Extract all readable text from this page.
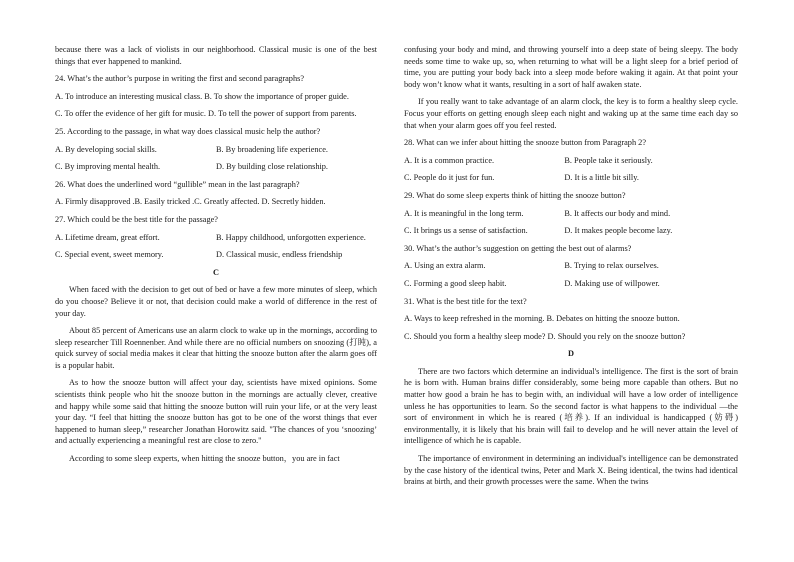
because there was a lack of violists in our neighborhood. Classical music is one of the best things that ever happened to mankind.

24. What’s the author’s purpose in writing the first and second paragraphs?

A. To introduce an interesting musical class. B. To show the importance of proper guide.

C. To offer the evidence of her gift for music. D. To tell the power of support from parents.

25. According to the passage, in what way does classical music help the author?

A. By developing social skills.	B. By broadening life experience.
C. By improving mental health.	D. By building close relationship.

26. What does the underlined word “gullible” mean in the last paragraph?

A. Firmly disapproved .B. Easily tricked .C. Greatly affected. D. Secretly hidden.

27. Which could be the best title for the passage?

A. Lifetime dream, great effort.	B. Happy childhood, unforgotten experience.
C. Special event, sweet memory.	D. Classical music, endless friendship
C

When faced with the decision to get out of bed or have a few more minutes of sleep, which do you choose? Believe it or not, that decision could make a world of difference in the rest of your day.

About 85 percent of Americans use an alarm clock to wake up in the mornings, according to sleep researcher Till Roennenber. And while there are no official numbers on snoozing (打盹), a quick survey of social media makes it clear that hitting the snooze button after the alarm goes off is a popular habit.

As to how the snooze button will affect your day, scientists have mixed opinions. Some scientists think people who hit the snooze button in the mornings are actually clever, creative and happy while some said that hitting the snooze button will ruin your life, or at the very least your day. “I feel that hitting the snooze button has got to be one of the worst things that ever happened to human sleep,” researcher Jonathan Horowitz said. "The chances of you ‘snoozing’ and actually experiencing a meaningful rest are close to zero."

According to some sleep experts, when hitting the snooze button，you are in fact

confusing your body and mind, and throwing yourself into a deep state of being sleepy. The body needs some time to wake up, so, when returning to what will be a light sleep for a brief period of time, you are putting your body back into a sleep mode before waking it again. At that point your body won’t know what it wants, resulting in a sort of half awaken state.

If you really want to take advantage of an alarm clock, the key is to form a healthy sleep cycle. Focus your efforts on getting enough sleep each night and waking up at the same time each day so that when your alarm goes off you feel rested.

28. What can we infer about hitting the snooze button from Paragraph 2?

A. It is a common practice.	B. People take it seriously.
C. People do it just for fun.	D. It is a little bit silly.

29. What do some sleep experts think of hitting the snooze button?

A. It is meaningful in the long term.	B. It affects our body and mind.
C. It brings us a sense of satisfaction.	D. It makes people become lazy.

30. What’s the author’s suggestion on getting the best out of alarms?

A. Using an extra alarm.	B. Trying to relax ourselves.
C. Forming a good sleep habit.	D. Making use of willpower.

31. What is the best title for the text?

A. Ways to keep refreshed in the morning. B. Debates on hitting the snooze button.

C. Should you form a healthy sleep mode? D. Should you rely on the snooze button?

D

There are two factors which determine an individual's intelligence. The first is the sort of brain he is born with. Human brains differ considerably, some being more capable than others. But no matter how good a brain he has to begin with, an individual will have a low order of intelligence unless he has opportunities to learn. So the second factor is what happens to the individual —the sort of environment in which he is reared (培养). If an individual is handicapped (妨碍) environmentally, it is likely that his brain will fail to develop and he will never attain the level of intelligence of which he is capable.

The importance of environment in determining an individual's intelligence can be demonstrated by the case history of the identical twins, Peter and Mark X. Being identical, the twins had identical brains at birth, and their growth processes were the same. When the twins
